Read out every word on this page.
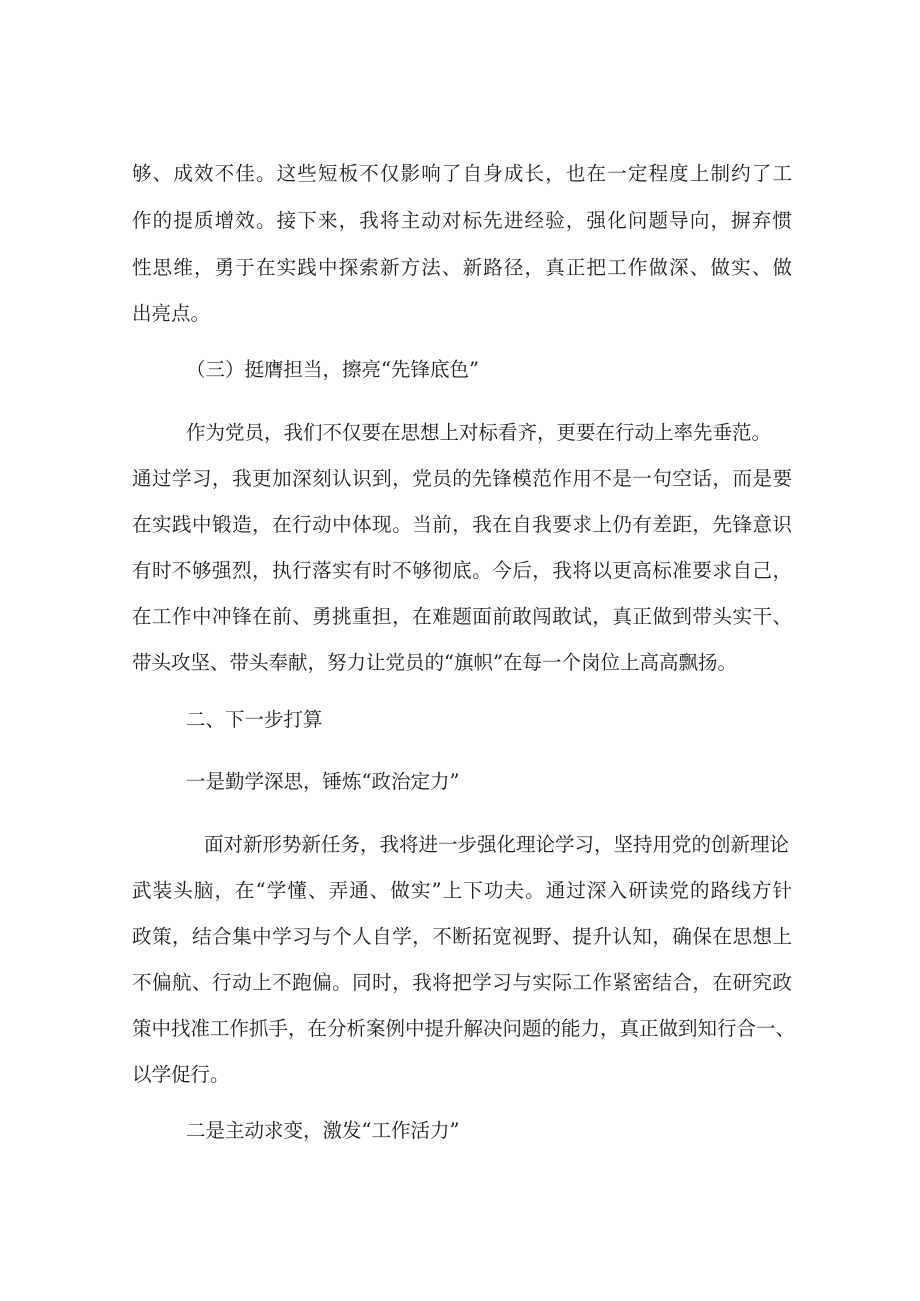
够、成效不佳。这些短板不仅影响了自身成长，也在一定程度上制约了工
作的提质增效。接下来，我将主动对标先进经验，强化问题导向，摒弃惯
性思维，勇于在实践中探索新方法、新路径，真正把工作做深、做实、做
出亮点。
（三）挺膺担当，擦亮“先锋底色”
作为党员，我们不仅要在思想上对标看齐，更要在行动上率先垂范。
通过学习，我更加深刻认识到，党员的先锋模范作用不是一句空话，而是要
在实践中锻造，在行动中体现。当前，我在自我要求上仍有差距，先锋意识
有时不够强烈，执行落实有时不够彻底。今后，我将以更高标准要求自己，
在工作中冲锋在前、勇挑重担，在难题面前敢闯敢试，真正做到带头实干、
带头攻坚、带头奉献，努力让党员的“旗帜”在每一个岗位上高高飘扬。
二、下一步打算
一是勤学深思，锤炼“政治定力”
面对新形势新任务，我将进一步强化理论学习，坚持用党的创新理论
武装头脑，在“学懂、弄通、做实”上下功夫。通过深入研读党的路线方针
政策，结合集中学习与个人自学，不断拓宽视野、提升认知，确保在思想上
不偏航、行动上不跑偏。同时，我将把学习与实际工作紧密结合，在研究政
策中找准工作抓手，在分析案例中提升解决问题的能力，真正做到知行合一、
以学促行。
二是主动求变，激发“工作活力”
